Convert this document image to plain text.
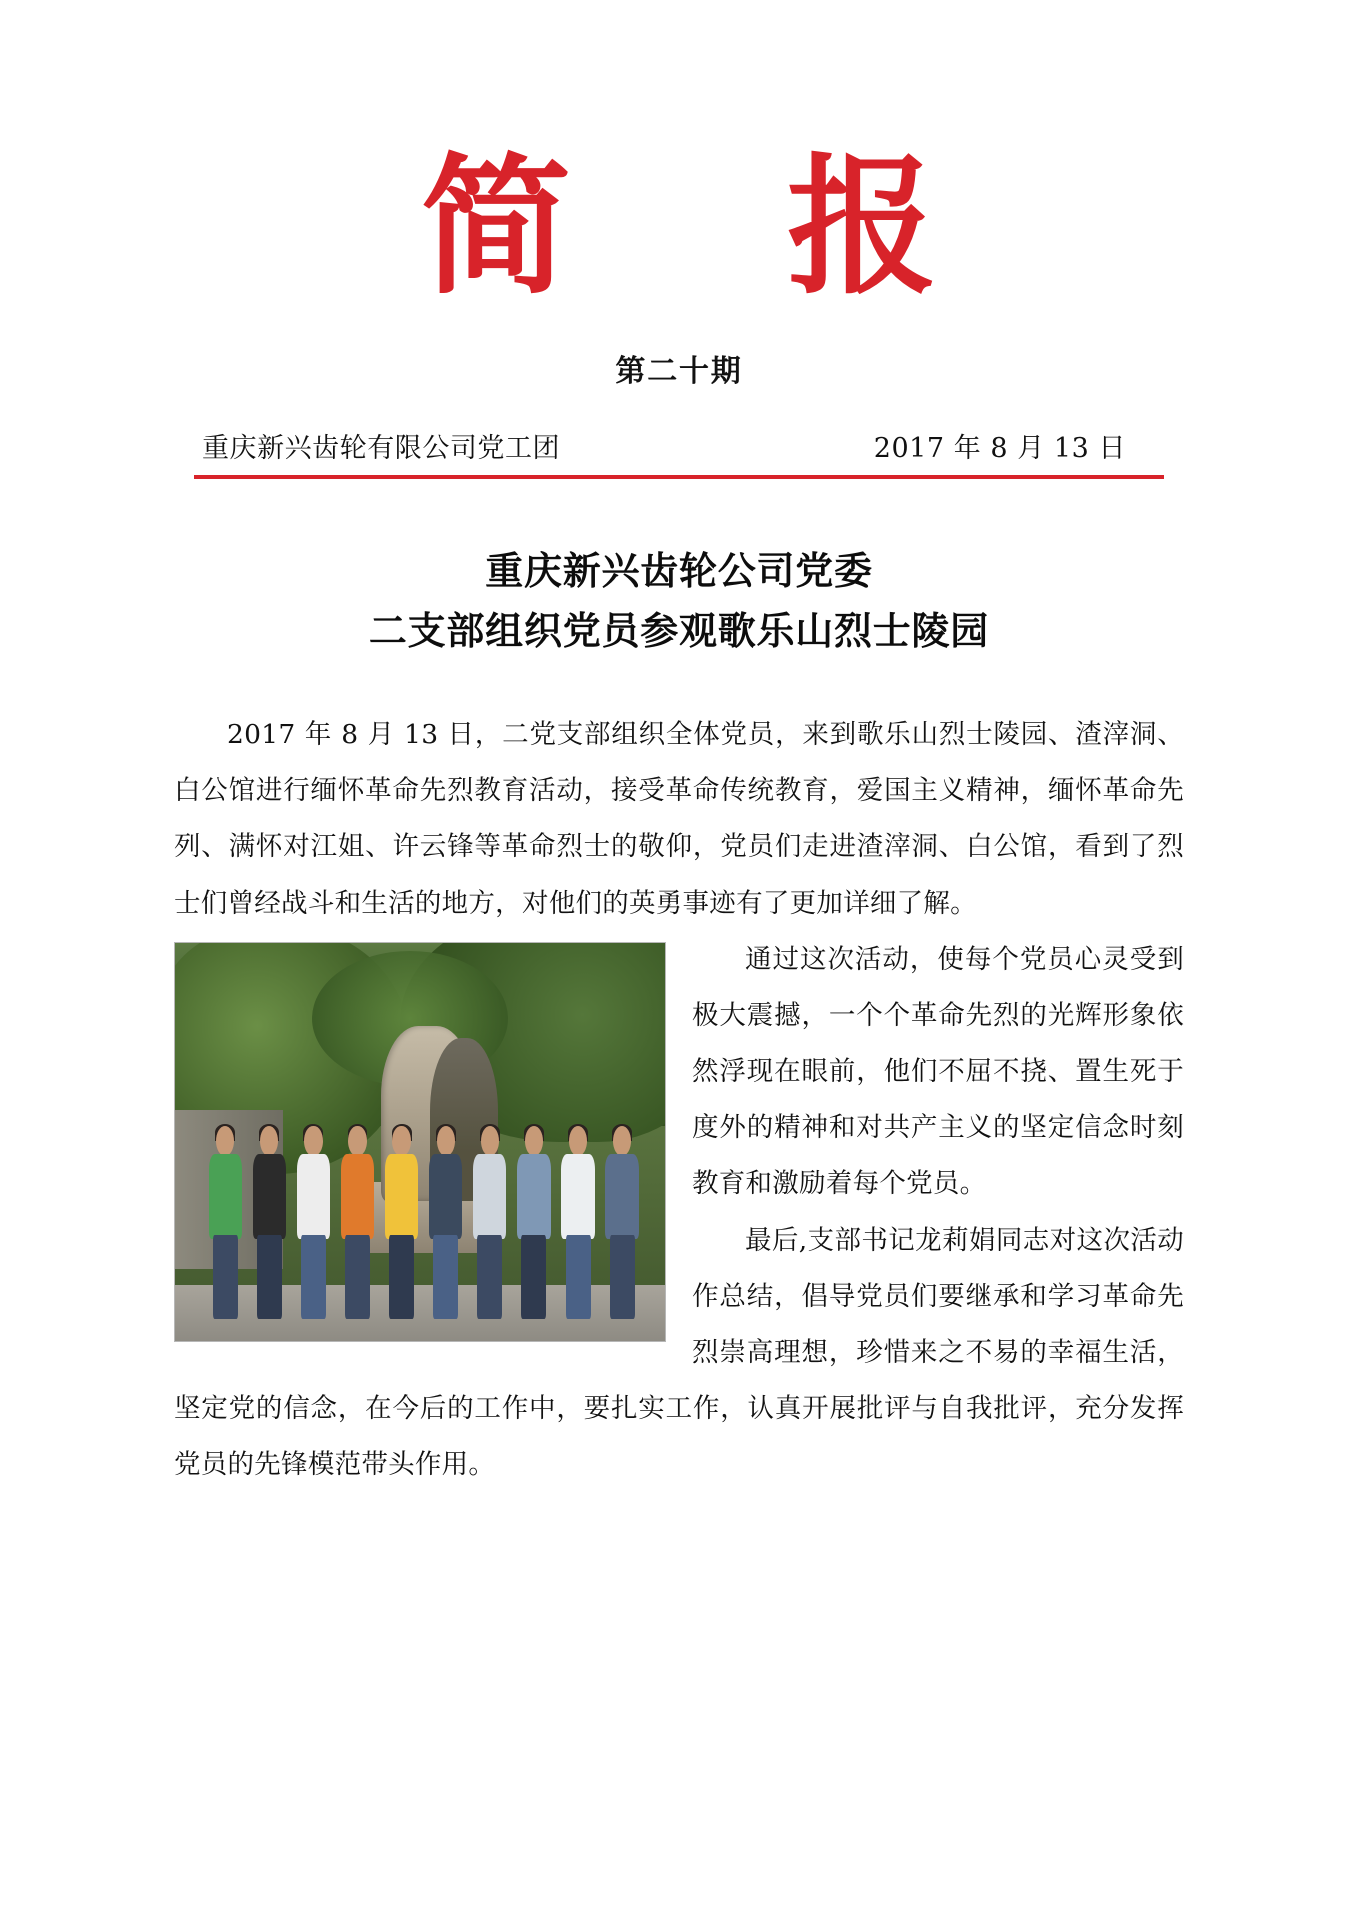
简　报
第二十期
重庆新兴齿轮有限公司党工团	2017 年 8 月 13 日
重庆新兴齿轮公司党委
二支部组织党员参观歌乐山烈士陵园

2017 年 8 月 13 日，二党支部组织全体党员，来到歌乐山烈士陵园、渣滓洞、白公馆进行缅怀革命先烈教育活动，接受革命传统教育，爱国主义精神，缅怀革命先列、满怀对江姐、许云锋等革命烈士的敬仰，党员们走进渣滓洞、白公馆，看到了烈士们曾经战斗和生活的地方，对他们的英勇事迹有了更加详细了解。

通过这次活动，使每个党员心灵受到极大震撼，一个个革命先烈的光辉形象依然浮现在眼前，他们不屈不挠、置生死于度外的精神和对共产主义的坚定信念时刻教育和激励着每个党员。

最后,支部书记龙莉娟同志对这次活动作总结，倡导党员们要继承和学习革命先烈崇高理想，珍惜来之不易的幸福生活，坚定党的信念，在今后的工作中，要扎实工作，认真开展批评与自我批评，充分发挥党员的先锋模范带头作用。
